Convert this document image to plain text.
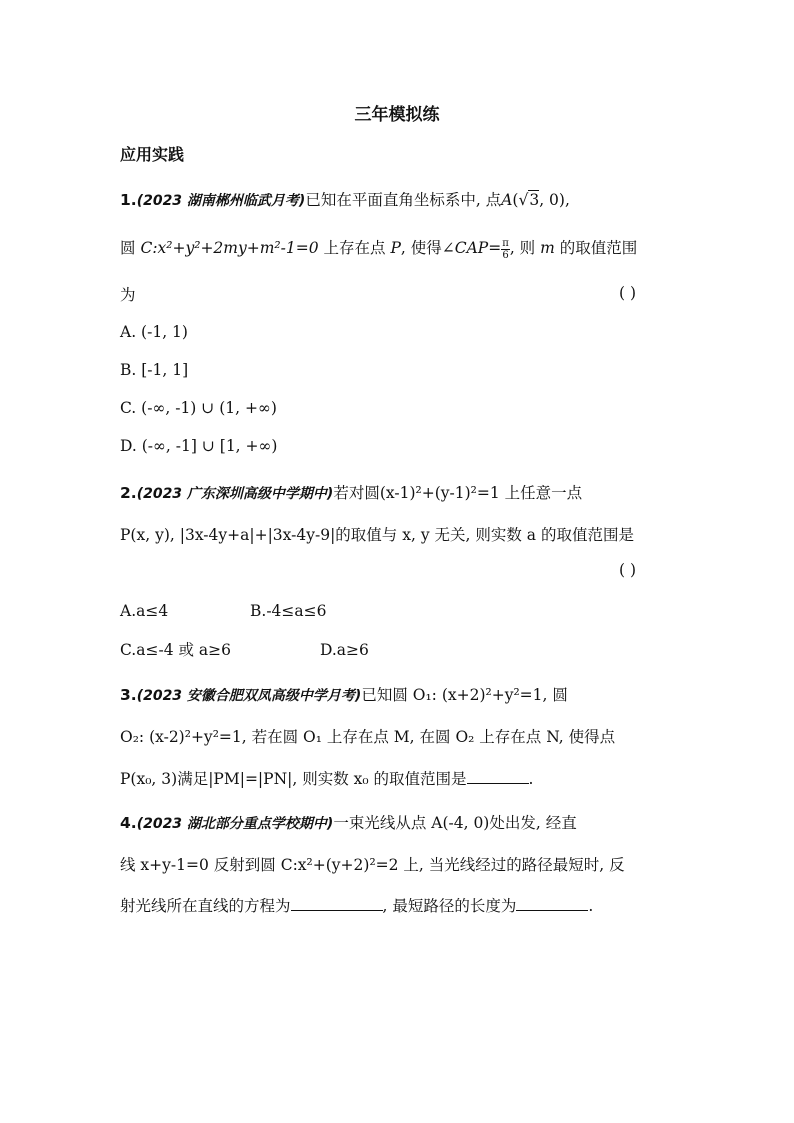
三年模拟练
应用实践
1.(2023 湖南郴州临武月考)已知在平面直角坐标系中, 点A(√3, 0),
圆 C:x²+y²+2my+m²-1=0 上存在点 P, 使得∠CAP= $\frac{\pi}{6}$ , 则 m 的取值范围
为	( )
A. (-1, 1)
B. [-1, 1]
C. (-∞, -1) ∪ (1, +∞)
D. (-∞, -1] ∪ [1, +∞)
2.(2023 广东深圳高级中学期中)若对圆(x-1)²+(y-1)²=1 上任意一点
P(x, y), |3x-4y+a|+|3x-4y-9|的取值与 x, y 无关, 则实数 a 的取值范围是
( )
A.a≤4	B.-4≤a≤6
C.a≤-4 或 a≥6	D.a≥6
3.(2023 安徽合肥双凤高级中学月考)已知圆 O₁: (x+2)²+y²=1, 圆
O₂: (x-2)²+y²=1, 若在圆 O₁ 上存在点 M, 在圆 O₂ 上存在点 N, 使得点
P(x₀, 3)满足|PM|=|PN|, 则实数 x₀ 的取值范围是	.
4.(2023 湖北部分重点学校期中)一束光线从点 A(-4, 0)处出发, 经直
线 x+y-1=0 反射到圆 C:x²+(y+2)²=2 上, 当光线经过的路径最短时, 反
射光线所在直线的方程为	, 最短路径的长度为	.
